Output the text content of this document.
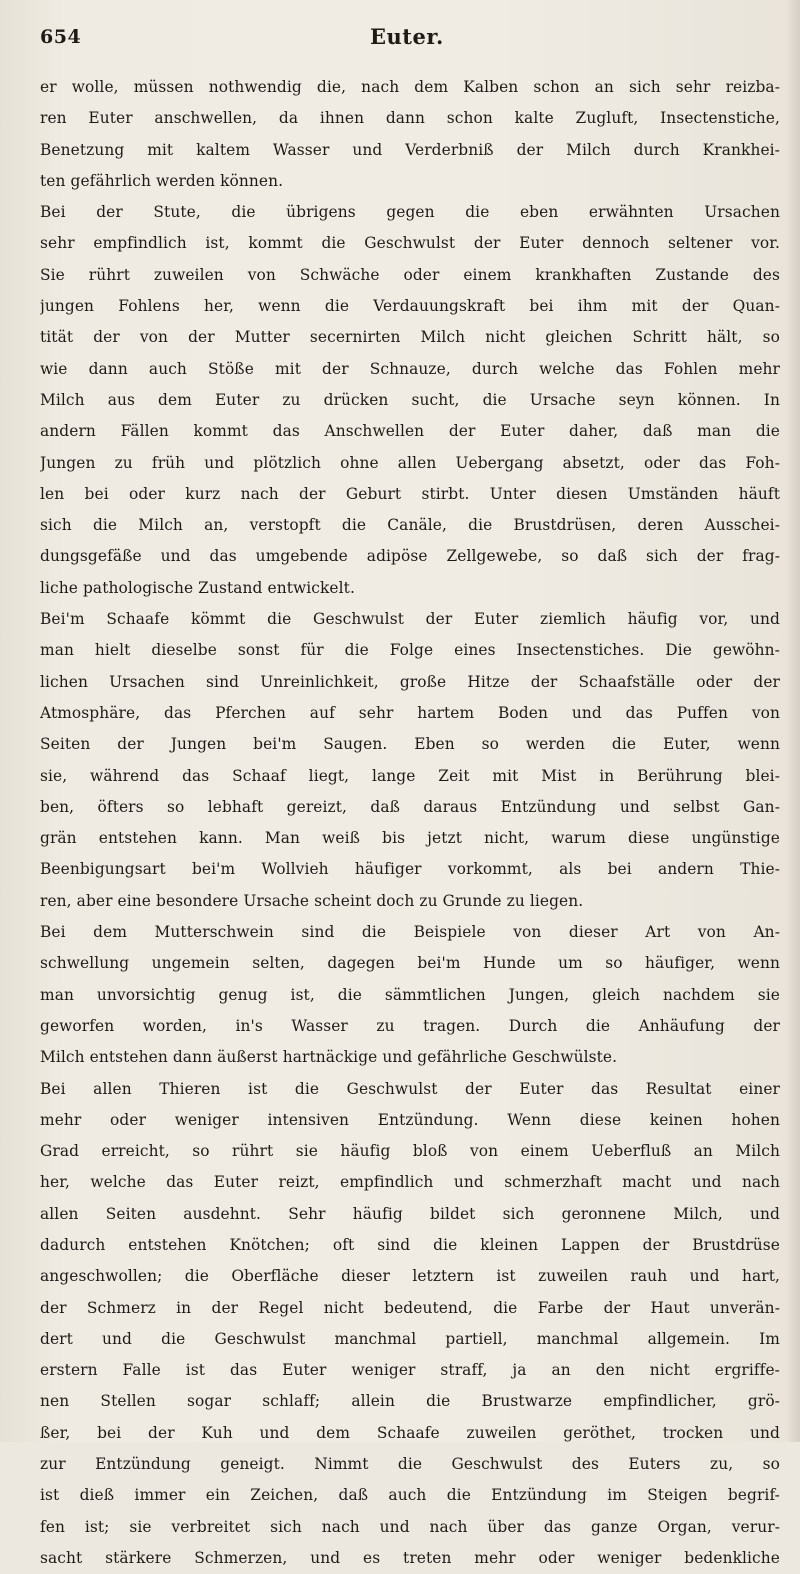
654	Euter.
er wolle, müssen nothwendig die, nach dem Kalben schon an sich sehr reizba-
ren Euter anschwellen, da ihnen dann schon kalte Zugluft, Insectenstiche,
Benetzung mit kaltem Wasser und Verderbniß der Milch durch Krankhei-
ten gefährlich werden können.
Bei der Stute, die übrigens gegen die eben erwähnten Ursachen
sehr empfindlich ist, kommt die Geschwulst der Euter dennoch seltener vor.
Sie rührt zuweilen von Schwäche oder einem krankhaften Zustande des
jungen Fohlens her, wenn die Verdauungskraft bei ihm mit der Quan-
tität der von der Mutter secernirten Milch nicht gleichen Schritt hält, so
wie dann auch Stöße mit der Schnauze, durch welche das Fohlen mehr
Milch aus dem Euter zu drücken sucht, die Ursache seyn können. In
andern Fällen kommt das Anschwellen der Euter daher, daß man die
Jungen zu früh und plötzlich ohne allen Uebergang absetzt, oder das Foh-
len bei oder kurz nach der Geburt stirbt. Unter diesen Umständen häuft
sich die Milch an, verstopft die Canäle, die Brustdrüsen, deren Ausschei-
dungsgefäße und das umgebende adipöse Zellgewebe, so daß sich der frag-
liche pathologische Zustand entwickelt.
Bei'm Schaafe kömmt die Geschwulst der Euter ziemlich häufig vor, und
man hielt dieselbe sonst für die Folge eines Insectenstiches. Die gewöhn-
lichen Ursachen sind Unreinlichkeit, große Hitze der Schaafställe oder der
Atmosphäre, das Pferchen auf sehr hartem Boden und das Puffen von
Seiten der Jungen bei'm Saugen. Eben so werden die Euter, wenn
sie, während das Schaaf liegt, lange Zeit mit Mist in Berührung blei-
ben, öfters so lebhaft gereizt, daß daraus Entzündung und selbst Gan-
grän entstehen kann. Man weiß bis jetzt nicht, warum diese ungünstige
Beenbigungsart bei'm Wollvieh häufiger vorkommt, als bei andern Thie-
ren, aber eine besondere Ursache scheint doch zu Grunde zu liegen.
Bei dem Mutterschwein sind die Beispiele von dieser Art von An-
schwellung ungemein selten, dagegen bei'm Hunde um so häufiger, wenn
man unvorsichtig genug ist, die sämmtlichen Jungen, gleich nachdem sie
geworfen worden, in's Wasser zu tragen. Durch die Anhäufung der
Milch entstehen dann äußerst hartnäckige und gefährliche Geschwülste.
Bei allen Thieren ist die Geschwulst der Euter das Resultat einer
mehr oder weniger intensiven Entzündung. Wenn diese keinen hohen
Grad erreicht, so rührt sie häufig bloß von einem Ueberfluß an Milch
her, welche das Euter reizt, empfindlich und schmerzhaft macht und nach
allen Seiten ausdehnt. Sehr häufig bildet sich geronnene Milch, und
dadurch entstehen Knötchen; oft sind die kleinen Lappen der Brustdrüse
angeschwollen; die Oberfläche dieser letztern ist zuweilen rauh und hart,
der Schmerz in der Regel nicht bedeutend, die Farbe der Haut unverän-
dert und die Geschwulst manchmal partiell, manchmal allgemein. Im
erstern Falle ist das Euter weniger straff, ja an den nicht ergriffe-
nen Stellen sogar schlaff; allein die Brustwarze empfindlicher, grö-
ßer, bei der Kuh und dem Schaafe zuweilen geröthet, trocken und
zur Entzündung geneigt. Nimmt die Geschwulst des Euters zu, so
ist dieß immer ein Zeichen, daß auch die Entzündung im Steigen begrif-
fen ist; sie verbreitet sich nach und nach über das ganze Organ, verur-
sacht stärkere Schmerzen, und es treten mehr oder weniger bedenkliche
